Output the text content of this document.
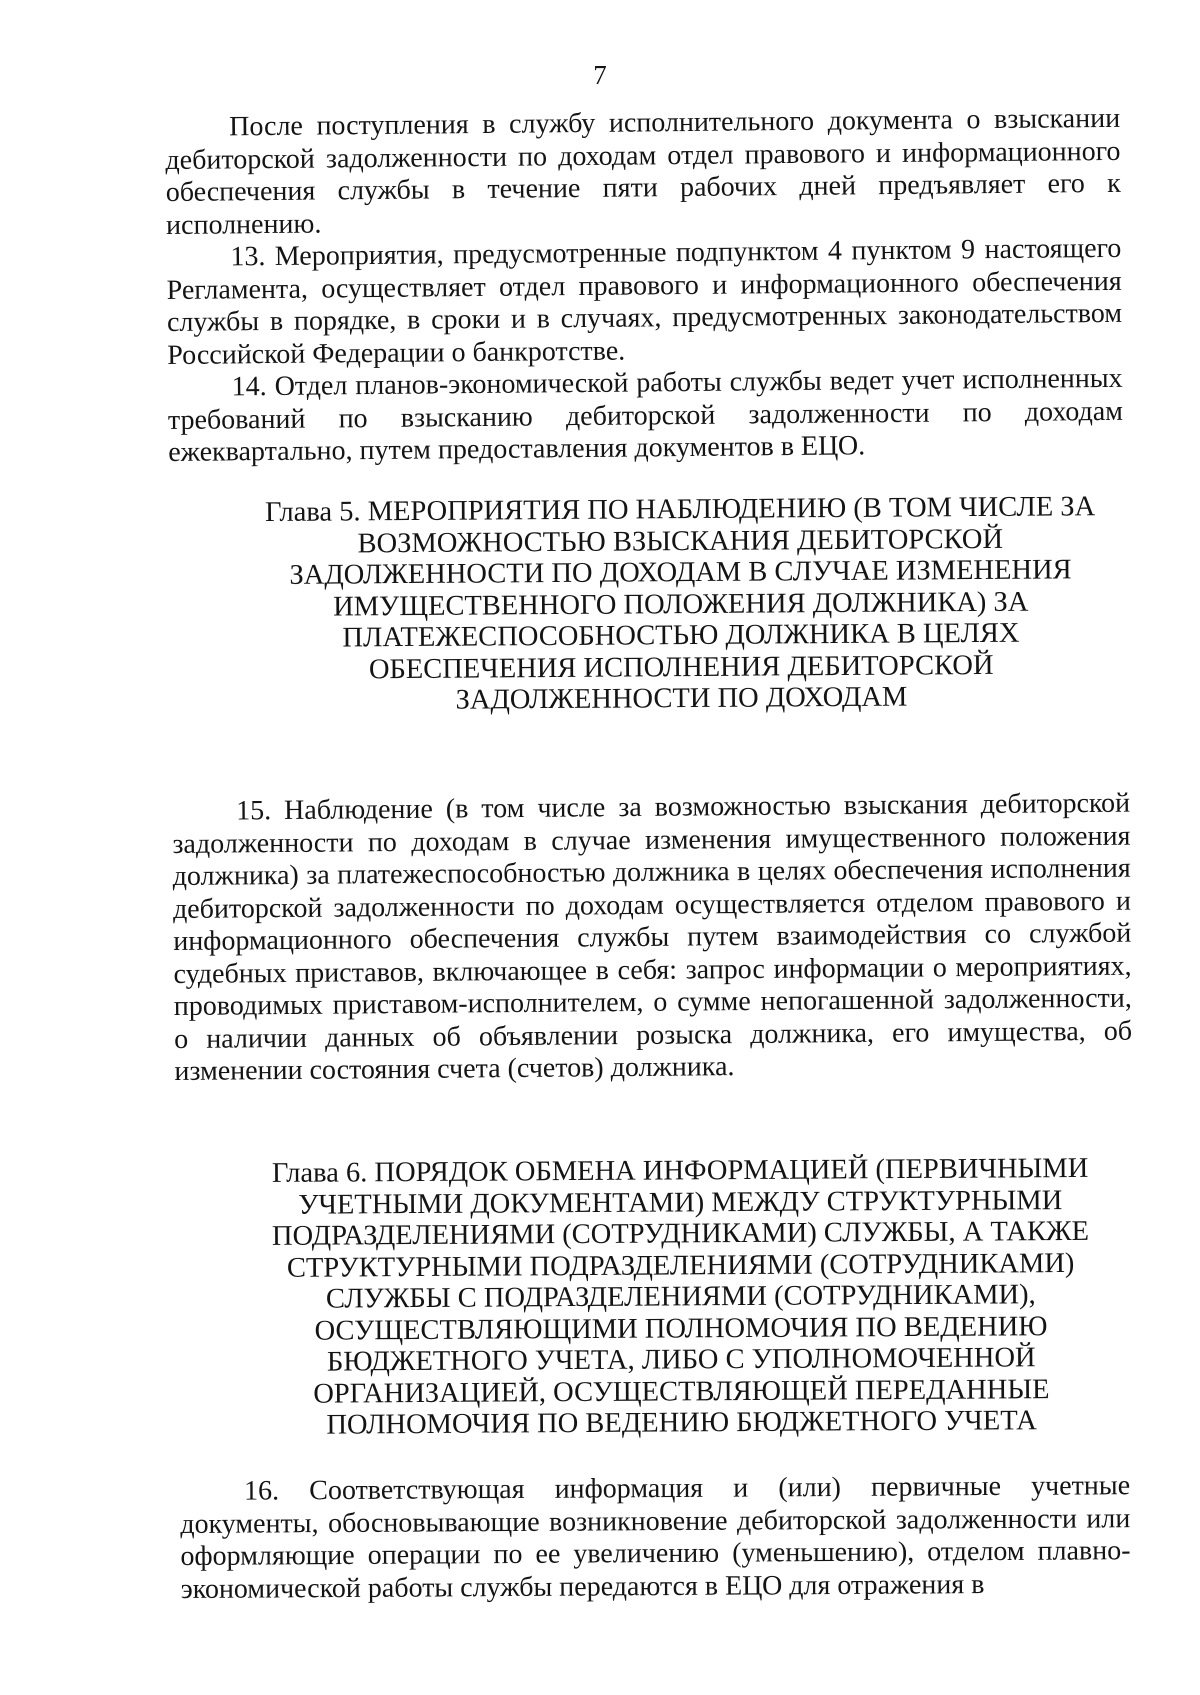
7

После поступления в службу исполнительного документа о взыскании дебиторской задолженности по доходам отдел правового и информационного обеспечения службы в течение пяти рабочих дней предъявляет его к исполнению.

13. Мероприятия, предусмотренные подпунктом 4 пунктом 9 настоящего Регламента, осуществляет отдел правового и информационного обеспечения службы в порядке, в сроки и в случаях, предусмотренных законодательством Российской Федерации о банкротстве.

14. Отдел планов-экономической работы службы ведет учет исполненных требований по взысканию дебиторской задолженности по доходам ежеквартально, путем предоставления документов в ЕЦО.

Глава 5. МЕРОПРИЯТИЯ ПО НАБЛЮДЕНИЮ (В ТОМ ЧИСЛЕ ЗА
ВОЗМОЖНОСТЬЮ ВЗЫСКАНИЯ ДЕБИТОРСКОЙ
ЗАДОЛЖЕННОСТИ ПО ДОХОДАМ В СЛУЧАЕ ИЗМЕНЕНИЯ
ИМУЩЕСТВЕННОГО ПОЛОЖЕНИЯ ДОЛЖНИКА) ЗА
ПЛАТЕЖЕСПОСОБНОСТЬЮ ДОЛЖНИКА В ЦЕЛЯХ
ОБЕСПЕЧЕНИЯ ИСПОЛНЕНИЯ ДЕБИТОРСКОЙ
ЗАДОЛЖЕННОСТИ ПО ДОХОДАМ

15. Наблюдение (в том числе за возможностью взыскания дебиторской задолженности по доходам в случае изменения имущественного положения должника) за платежеспособностью должника в целях обеспечения исполнения дебиторской задолженности по доходам осуществляется отделом правового и информационного обеспечения службы путем взаимодействия со службой судебных приставов, включающее в себя: запрос информации о мероприятиях, проводимых приставом-исполнителем, о сумме непогашенной задолженности, о наличии данных об объявлении розыска должника, его имущества, об изменении состояния счета (счетов) должника.

Глава 6. ПОРЯДОК ОБМЕНА ИНФОРМАЦИЕЙ (ПЕРВИЧНЫМИ
УЧЕТНЫМИ ДОКУМЕНТАМИ) МЕЖДУ СТРУКТУРНЫМИ
ПОДРАЗДЕЛЕНИЯМИ (СОТРУДНИКАМИ) СЛУЖБЫ, А ТАКЖЕ
СТРУКТУРНЫМИ ПОДРАЗДЕЛЕНИЯМИ (СОТРУДНИКАМИ)
СЛУЖБЫ С ПОДРАЗДЕЛЕНИЯМИ (СОТРУДНИКАМИ),
ОСУЩЕСТВЛЯЮЩИМИ ПОЛНОМОЧИЯ ПО ВЕДЕНИЮ
БЮДЖЕТНОГО УЧЕТА, ЛИБО С УПОЛНОМОЧЕННОЙ
ОРГАНИЗАЦИЕЙ, ОСУЩЕСТВЛЯЮЩЕЙ ПЕРЕДАННЫЕ
ПОЛНОМОЧИЯ ПО ВЕДЕНИЮ БЮДЖЕТНОГО УЧЕТА

16. Соответствующая информация и (или) первичные учетные документы, обосновывающие возникновение дебиторской задолженности или оформляющие операции по ее увеличению (уменьшению), отделом плавно-экономической работы службы передаются в ЕЦО для отражения в
